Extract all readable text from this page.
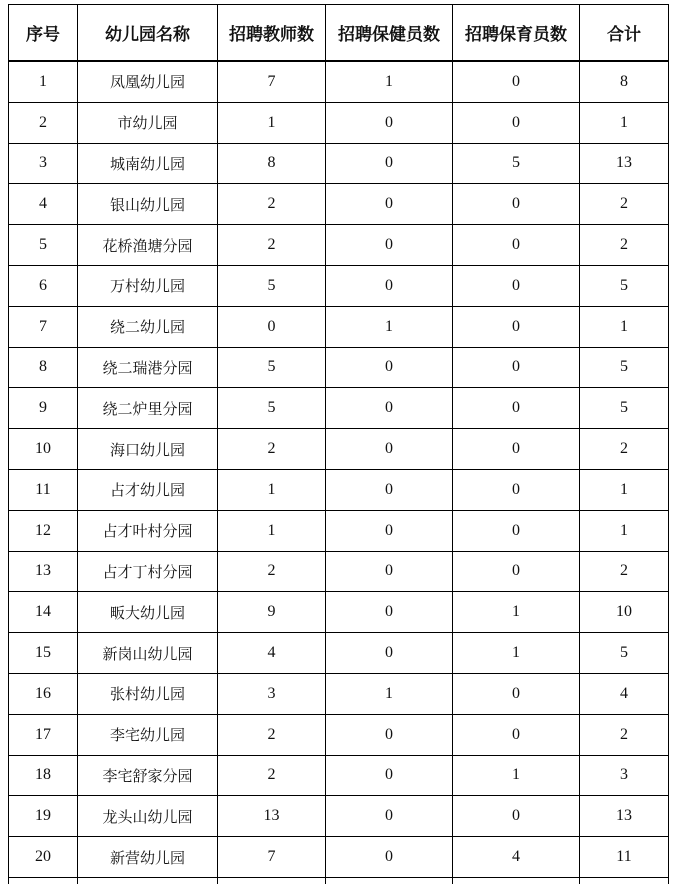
序号	幼儿园名称	招聘教师数	招聘保健员数	招聘保育员数	合计
1	凤凰幼儿园	7	1	0	8
2	市幼儿园	1	0	0	1
3	城南幼儿园	8	0	5	13
4	银山幼儿园	2	0	0	2
5	花桥渔塘分园	2	0	0	2
6	万村幼儿园	5	0	0	5
7	绕二幼儿园	0	1	0	1
8	绕二瑞港分园	5	0	0	5
9	绕二炉里分园	5	0	0	5
10	海口幼儿园	2	0	0	2
11	占才幼儿园	1	0	0	1
12	占才叶村分园	1	0	0	1
13	占才丁村分园	2	0	0	2
14	畈大幼儿园	9	0	1	10
15	新岗山幼儿园	4	0	1	5
16	张村幼儿园	3	1	0	4
17	李宅幼儿园	2	0	0	2
18	李宅舒家分园	2	0	1	3
19	龙头山幼儿园	13	0	0	13
20	新营幼儿园	7	0	4	11
